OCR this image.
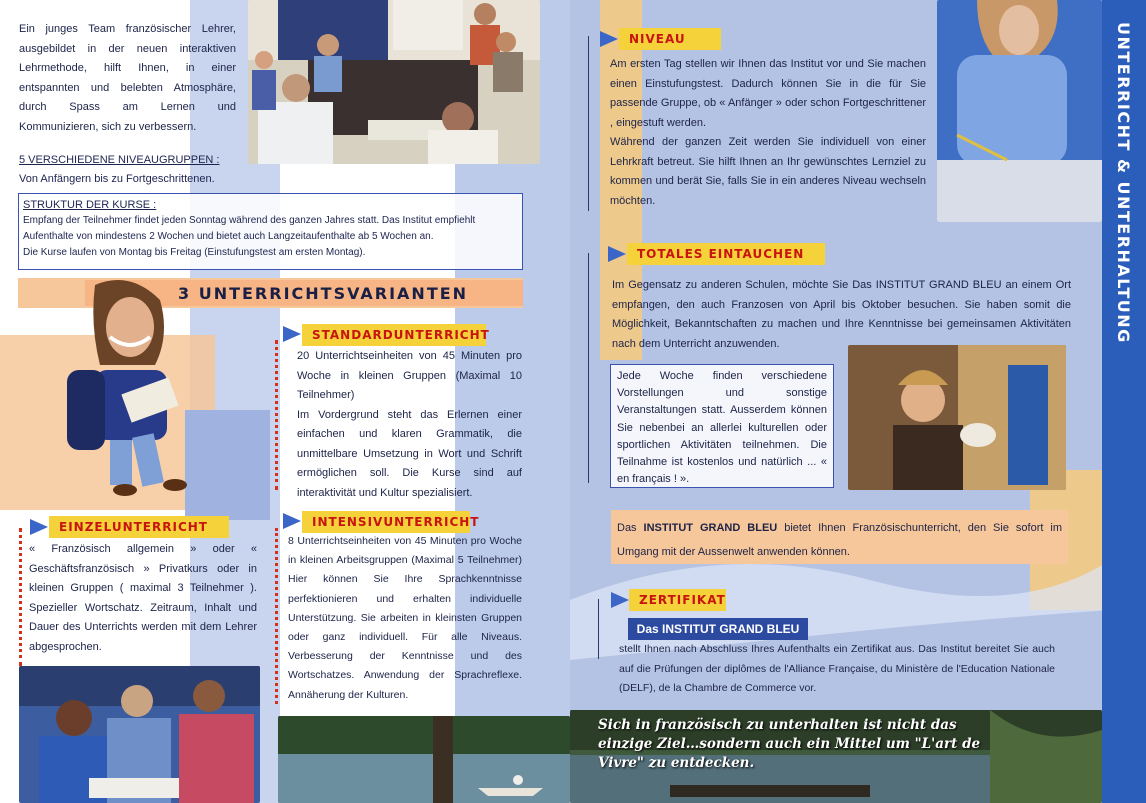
Ein junges Team französischer Lehrer, ausgebildet in der neuen interaktiven Lehrmethode, hilft Ihnen, in einer entspannten und belebten Atmosphäre, durch Spass am Lernen und Kommunizieren, sich zu verbessern.
5 VERSCHIEDENE NIVEAUGRUPPEN :
Von Anfängern bis zu Fortgeschrittenen.
STRUKTUR DER KURSE :
Empfang der Teilnehmer findet jeden Sonntag während des ganzen Jahres statt. Das Institut empfiehlt Aufenthalte von mindestens 2 Wochen und bietet auch Langzeitaufenthalte ab 5 Wochen an.
Die Kurse laufen von Montag bis Freitag (Einstufungstest am ersten Montag).
3 UNTERRICHTSVARIANTEN
STANDARDUNTERRICHT
20 Unterrichtseinheiten von 45 Minuten pro Woche in kleinen Gruppen (Maximal 10 Teilnehmer)
Im Vordergrund steht das Erlernen einer einfachen und klaren Grammatik, die unmittelbare Umsetzung in Wort und Schrift ermöglichen soll. Die Kurse sind auf interaktivität und Kultur spezialisiert.
EINZELUNTERRICHT
« Französisch allgemein » oder « Geschäftsfranzösisch » Privatkurs oder in kleinen Gruppen ( maximal 3 Teilnehmer ). Spezieller Wortschatz. Zeitraum, Inhalt und Dauer des Unterrichts werden mit dem Lehrer abgesprochen.
INTENSIVUNTERRICHT
8 Unterrichtseinheiten von 45 Minuten pro Woche in kleinen Arbeitsgruppen (Maximal 5 Teilnehmer) Hier können Sie Ihre Sprachkenntnisse perfektionieren und erhalten individuelle Unterstützung. Sie arbeiten in kleinsten Gruppen oder ganz individuell. Für alle Niveaus. Verbesserung der Kenntnisse und des Wortschatzes. Anwendung der Sprachreflexe. Annäherung der Kulturen.
NIVEAU
Am ersten Tag stellen wir Ihnen das Institut vor und Sie machen einen Einstufungstest. Dadurch können Sie in die für Sie passende Gruppe, ob « Anfänger » oder schon Fortgeschrittener , eingestuft werden.
Während der ganzen Zeit werden Sie individuell von einer Lehrkraft betreut. Sie hilft Ihnen an Ihr gewünschtes Lernziel zu kommen und berät Sie, falls Sie in ein anderes Niveau wechseln möchten.
TOTALES EINTAUCHEN
Im Gegensatz zu anderen Schulen, möchte Sie Das INSTITUT GRAND BLEU an einem Ort empfangen, den auch Franzosen von April bis Oktober besuchen. Sie haben somit die Möglichkeit, Bekanntschaften zu machen und Ihre Kenntnisse bei gemeinsamen Aktivitäten nach dem Unterricht anzuwenden.
Jede Woche finden verschiedene Vorstellungen und sonstige Veranstaltungen statt. Ausserdem können Sie nebenbei an allerlei kulturellen oder sportlichen Aktivitäten teilnehmen. Die Teilnahme ist kostenlos und natürlich ... « en français ! ».
Das INSTITUT GRAND BLEU bietet Ihnen Französischunterricht, den Sie sofort im Umgang mit der Aussenwelt anwenden können.
ZERTIFIKAT
Das INSTITUT GRAND BLEU
stellt Ihnen nach Abschluss Ihres Aufenthalts ein Zertifikat aus. Das Institut bereitet Sie auch auf die Prüfungen der diplômes de l'Alliance Française, du Ministère de l'Education Nationale (DELF), de la Chambre de Commerce vor.
Sich in französisch zu unterhalten ist nicht das einzige Ziel…sondern auch ein Mittel um "L'art de Vivre" zu entdecken.
UNTERRICHT & UNTERHALTUNG
